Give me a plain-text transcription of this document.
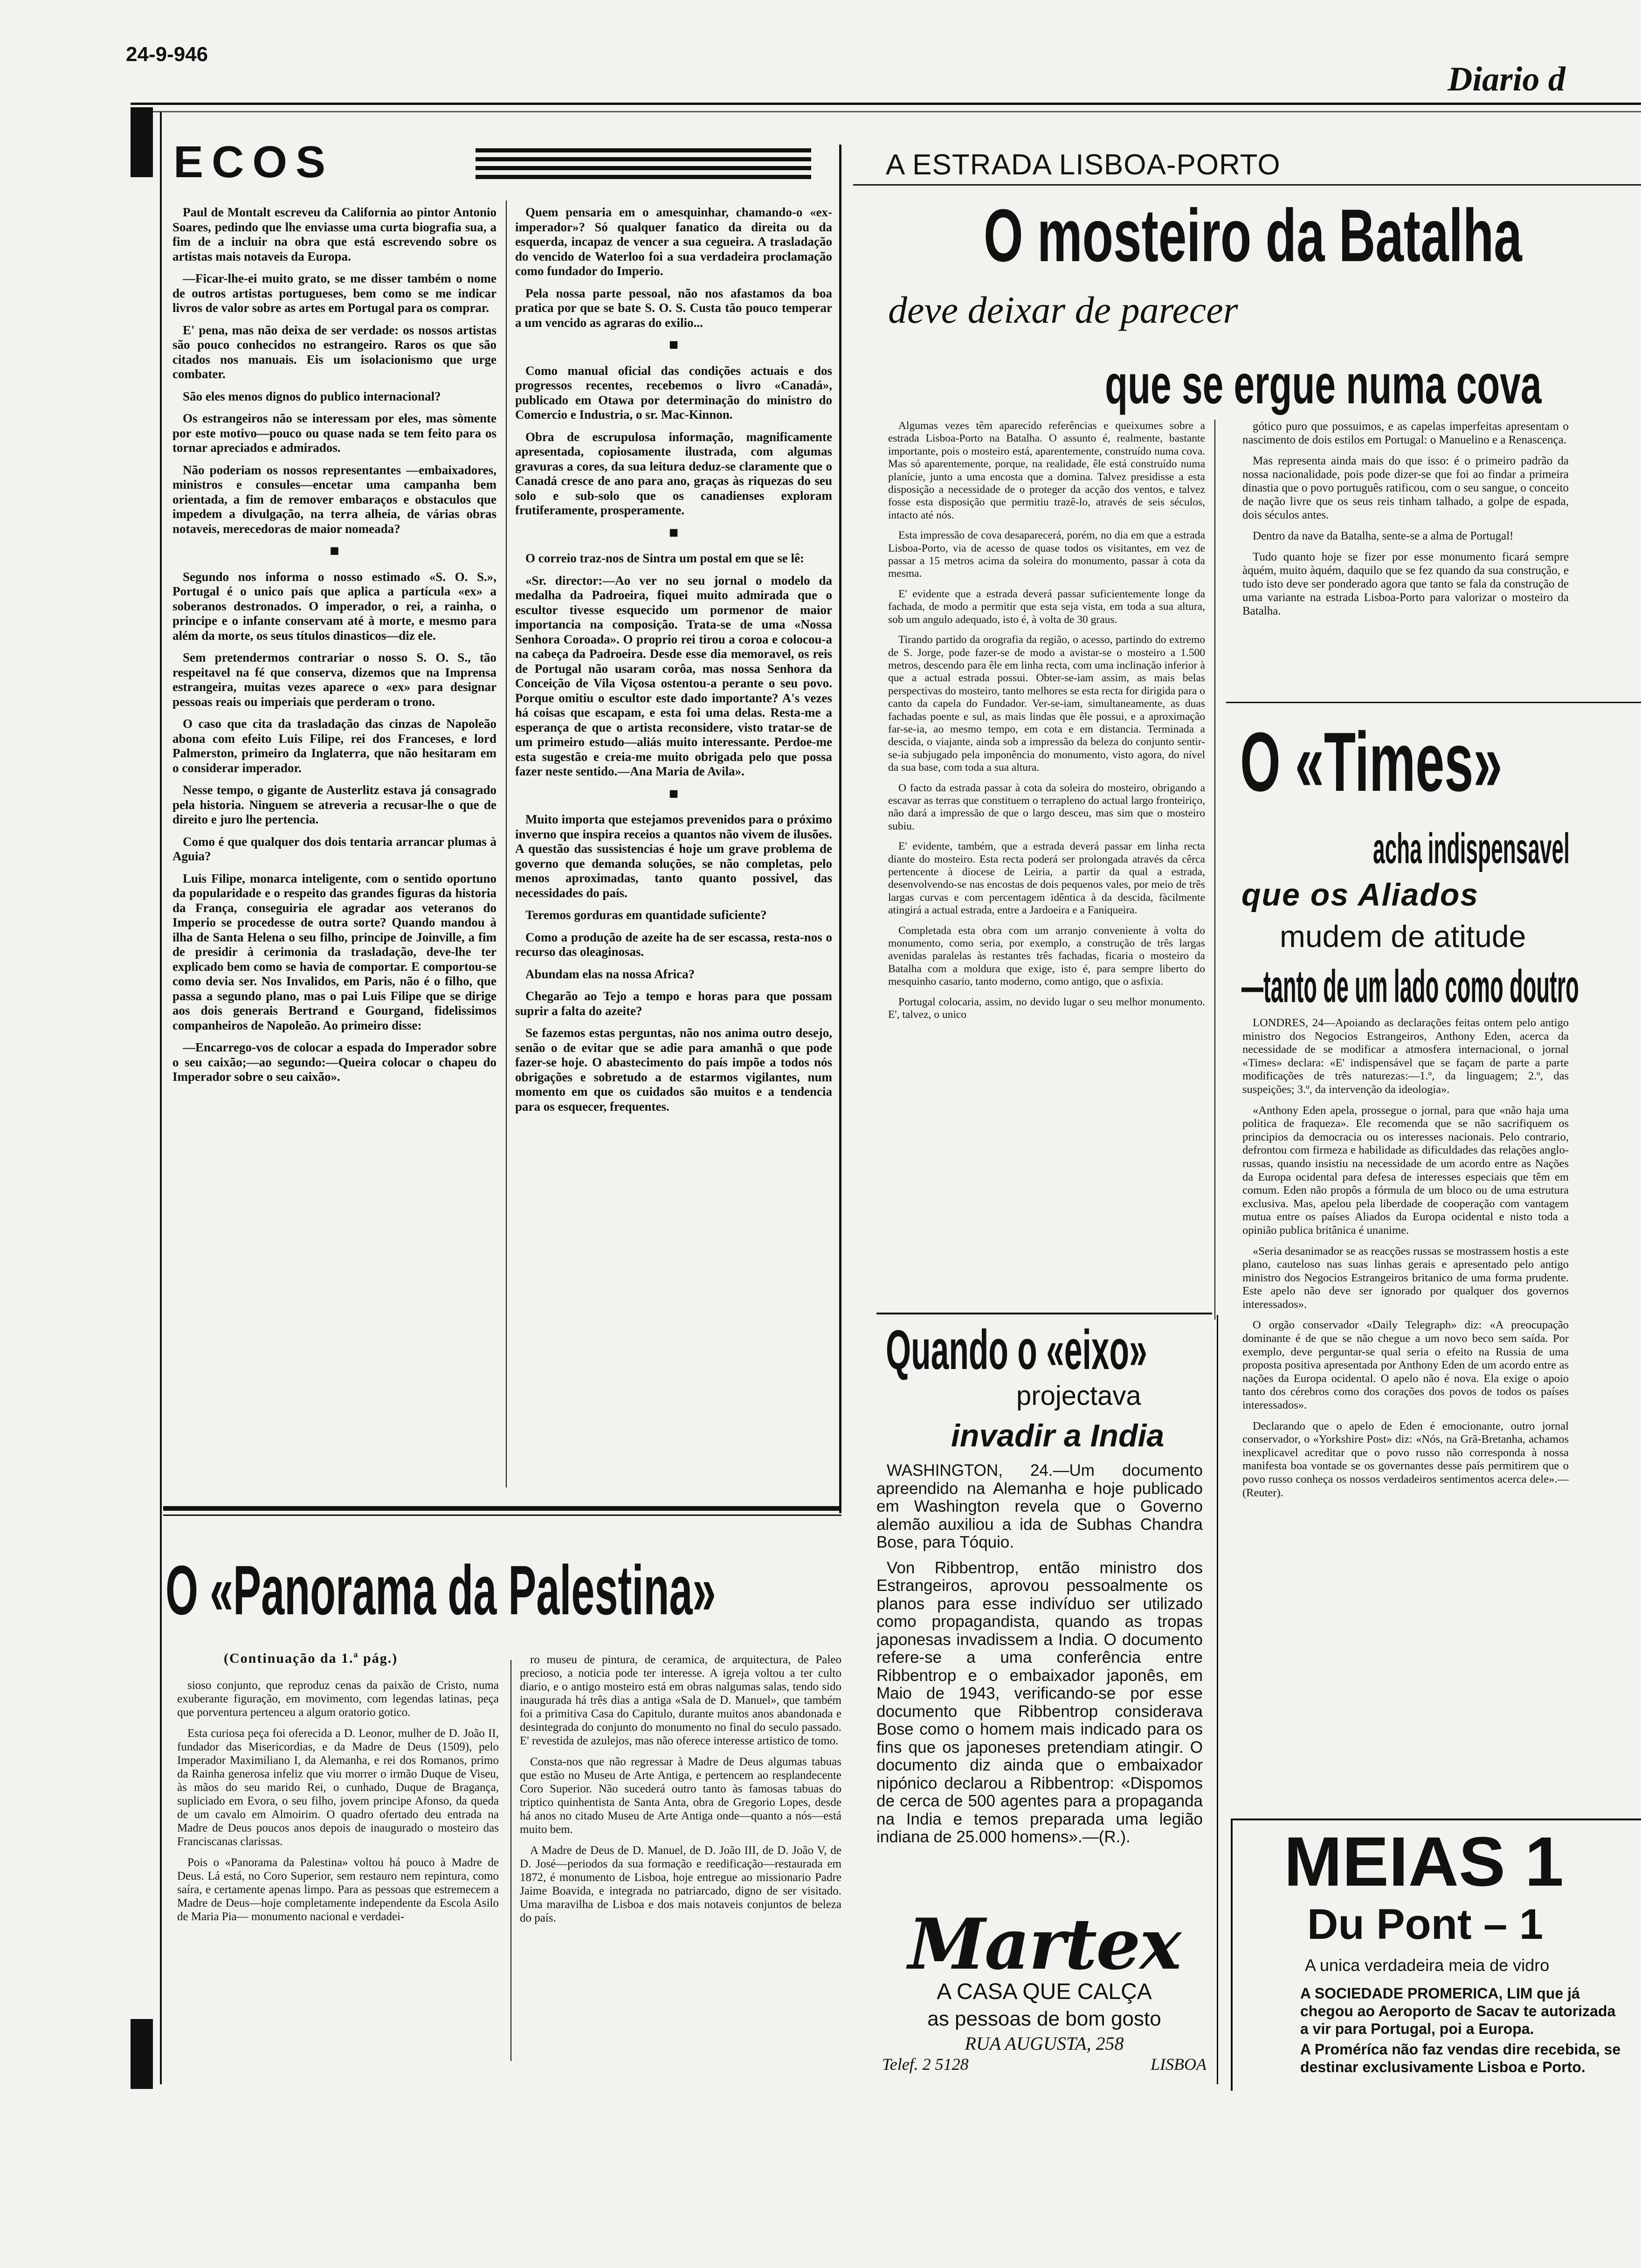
24-9-946
Diario d
ECOS

Paul de Montalt escreveu da California ao pintor Antonio Soares, pedindo que lhe enviasse uma curta biografia sua, a fim de a incluir na obra que está escrevendo sobre os artistas mais notaveis da Europa.

—Ficar-lhe-ei muito grato, se me disser também o nome de outros artistas portugueses, bem como se me indicar livros de valor sobre as artes em Portugal para os comprar.

E' pena, mas não deixa de ser verdade: os nossos artistas são pouco conhecidos no estrangeiro. Raros os que são citados nos manuais. Eis um isolacionismo que urge combater.

São eles menos dignos do publico internacional?

Os estrangeiros não se interessam por eles, mas sòmente por este motivo—pouco ou quase nada se tem feito para os tornar apreciados e admirados.

Não poderiam os nossos representantes —embaixadores, ministros e consules—encetar uma campanha bem orientada, a fim de remover embaraços e obstaculos que impedem a divulgação, na terra alheia, de várias obras notaveis, merecedoras de maior nomeada?

■

Segundo nos informa o nosso estimado «S. O. S.», Portugal é o unico país que aplica a partícula «ex» a soberanos destronados. O imperador, o rei, a rainha, o principe e o infante conservam até à morte, e mesmo para além da morte, os seus títulos dinasticos—diz ele.

Sem pretendermos contrariar o nosso S. O. S., tão respeitavel na fé que conserva, dizemos que na Imprensa estrangeira, muitas vezes aparece o «ex» para designar pessoas reais ou imperiais que perderam o trono.

O caso que cita da trasladação das cinzas de Napoleão abona com efeito Luis Filipe, rei dos Franceses, e lord Palmerston, primeiro da Inglaterra, que não hesitaram em o considerar imperador.

Nesse tempo, o gigante de Austerlitz estava já consagrado pela historia. Ninguem se atreveria a recusar-lhe o que de direito e juro lhe pertencia.

Como é que qualquer dos dois tentaria arrancar plumas à Aguia?

Luis Filipe, monarca inteligente, com o sentido oportuno da popularidade e o respeito das grandes figuras da historia da França, conseguiria ele agradar aos veteranos do Imperio se procedesse de outra sorte? Quando mandou à ilha de Santa Helena o seu filho, principe de Joinville, a fim de presidir à cerimonia da trasladação, deve-lhe ter explicado bem como se havia de comportar. E comportou-se como devia ser. Nos Invalidos, em Paris, não é o filho, que passa a segundo plano, mas o pai Luis Filipe que se dirige aos dois generais Bertrand e Gourgand, fidelissimos companheiros de Napoleão. Ao primeiro disse:

—Encarrego-vos de colocar a espada do Imperador sobre o seu caixão;—ao segundo:—Queira colocar o chapeu do Imperador sobre o seu caixão».

Quem pensaria em o amesquinhar, chamando-o «ex-imperador»? Só qualquer fanatico da direita ou da esquerda, incapaz de vencer a sua cegueira. A trasladação do vencido de Waterloo foi a sua verdadeira proclamação como fundador do Imperio.

Pela nossa parte pessoal, não nos afastamos da boa pratica por que se bate S. O. S. Custa tão pouco temperar a um vencido as agraras do exilio...

■

Como manual oficial das condições actuais e dos progressos recentes, recebemos o livro «Canadá», publicado em Otawa por determinação do ministro do Comercio e Industria, o sr. Mac-Kinnon.

Obra de escrupulosa informação, magnificamente apresentada, copiosamente ilustrada, com algumas gravuras a cores, da sua leitura deduz-se claramente que o Canadá cresce de ano para ano, graças às riquezas do seu solo e sub-solo que os canadienses exploram frutiferamente, prosperamente.

■

O correio traz-nos de Sintra um postal em que se lê:

«Sr. director:—Ao ver no seu jornal o modelo da medalha da Padroeira, fiquei muito admirada que o escultor tivesse esquecido um pormenor de maior importancia na composição. Trata-se de uma «Nossa Senhora Coroada». O proprio rei tirou a coroa e colocou-a na cabeça da Padroeira. Desde esse dia memoravel, os reis de Portugal não usaram corôa, mas nossa Senhora da Conceição de Vila Viçosa ostentou-a perante o seu povo. Porque omitiu o escultor este dado importante? A's vezes há coisas que escapam, e esta foi uma delas. Resta-me a esperança de que o artista reconsidere, visto tratar-se de um primeiro estudo—aliás muito interessante. Perdoe-me esta sugestão e creia-me muito obrigada pelo que possa fazer neste sentido.—Ana Maria de Avila».

■

Muito importa que estejamos prevenidos para o próximo inverno que inspira receios a quantos não vivem de ilusões. A questão das sussistencias é hoje um grave problema de governo que demanda soluções, se não completas, pelo menos aproximadas, tanto quanto possivel, das necessidades do país.

Teremos gorduras em quantidade suficiente?

Como a produção de azeite ha de ser escassa, resta-nos o recurso das oleaginosas.

Abundam elas na nossa Africa?

Chegarão ao Tejo a tempo e horas para que possam suprir a falta do azeite?

Se fazemos estas perguntas, não nos anima outro desejo, senão o de evitar que se adie para amanhã o que pode fazer-se hoje. O abastecimento do país impõe a todos nós obrigações e sobretudo a de estarmos vigilantes, num momento em que os cuidados são muitos e a tendencia para os esquecer, frequentes.

O «Panorama da Palestina»
(Continuação da 1.ª pág.)

sioso conjunto, que reproduz cenas da paixão de Cristo, numa exuberante figuração, em movimento, com legendas latinas, peça que porventura pertenceu a algum oratorio gotico.

Esta curiosa peça foi oferecida a D. Leonor, mulher de D. João II, fundador das Misericordias, e da Madre de Deus (1509), pelo Imperador Maximiliano I, da Alemanha, e rei dos Romanos, primo da Rainha generosa infeliz que viu morrer o irmão Duque de Viseu, às mãos do seu marido Rei, o cunhado, Duque de Bragança, supliciado em Evora, o seu filho, jovem principe Afonso, da queda de um cavalo em Almoirim. O quadro ofertado deu entrada na Madre de Deus poucos anos depois de inaugurado o mosteiro das Franciscanas clarissas.

Pois o «Panorama da Palestina» voltou há pouco à Madre de Deus. Lá está, no Coro Superior, sem restauro nem repintura, como saíra, e certamente apenas limpo. Para as pessoas que estremecem a Madre de Deus—hoje completamente independente da Escola Asilo de Maria Pia— monumento nacional e verdadei-

ro museu de pintura, de ceramica, de arquitectura, de Paleo precioso, a noticia pode ter interesse. A igreja voltou a ter culto diario, e o antigo mosteiro está em obras nalgumas salas, tendo sido inaugurada há três dias a antiga «Sala de D. Manuel», que também foi a primitiva Casa do Capitulo, durante muitos anos abandonada e desintegrada do conjunto do monumento no final do seculo passado. E' revestida de azulejos, mas não oferece interesse artistico de tomo.

Consta-nos que não regressar à Madre de Deus algumas tabuas que estão no Museu de Arte Antiga, e pertencem ao resplandecente Coro Superior. Não sucederá outro tanto às famosas tabuas do triptico quinhentista de Santa Anta, obra de Gregorio Lopes, desde há anos no citado Museu de Arte Antiga onde—quanto a nós—está muito bem.

A Madre de Deus de D. Manuel, de D. João III, de D. João V, de D. José—periodos da sua formação e reedificação—restaurada em 1872, é monumento de Lisboa, hoje entregue ao missionario Padre Jaime Boavida, e integrada no patriarcado, digno de ser visitado. Uma maravilha de Lisboa e dos mais notaveis conjuntos de beleza do país.

A ESTRADA LISBOA-PORTO
O mosteiro da Batalha
deve deixar de parecer
que se ergue numa cova

Algumas vezes têm aparecido referências e queixumes sobre a estrada Lisboa-Porto na Batalha. O assunto é, realmente, bastante importante, pois o mosteiro está, aparentemente, construído numa cova. Mas só aparentemente, porque, na realidade, êle está construído numa planície, junto a uma encosta que a domina. Talvez presidisse a esta disposição a necessidade de o proteger da acção dos ventos, e talvez fosse esta disposição que permitiu trazê-lo, através de seis séculos, intacto até nós.

Esta impressão de cova desaparecerá, porém, no dia em que a estrada Lisboa-Porto, via de acesso de quase todos os visitantes, em vez de passar a 15 metros acima da soleira do monumento, passar à cota da mesma.

E' evidente que a estrada deverá passar suficientemente longe da fachada, de modo a permitir que esta seja vista, em toda a sua altura, sob um angulo adequado, isto é, à volta de 30 graus.

Tirando partido da orografia da região, o acesso, partindo do extremo de S. Jorge, pode fazer-se de modo a avistar-se o mosteiro a 1.500 metros, descendo para êle em linha recta, com uma inclinação inferior à que a actual estrada possui. Obter-se-iam assim, as mais belas perspectivas do mosteiro, tanto melhores se esta recta for dirigida para o canto da capela do Fundador. Ver-se-iam, simultaneamente, as duas fachadas poente e sul, as mais lindas que êle possui, e a aproximação far-se-ia, ao mesmo tempo, em cota e em distancia. Terminada a descida, o viajante, ainda sob a impressão da beleza do conjunto sentir-se-ia subjugado pela imponência do monumento, visto agora, do nível da sua base, com toda a sua altura.

O facto da estrada passar à cota da soleira do mosteiro, obrigando a escavar as terras que constituem o terrapleno do actual largo fronteiriço, não dará a impressão de que o largo desceu, mas sim que o mosteiro subiu.

E' evidente, também, que a estrada deverá passar em linha recta diante do mosteiro. Esta recta poderá ser prolongada através da cêrca pertencente à diocese de Leiria, a partir da qual a estrada, desenvolvendo-se nas encostas de dois pequenos vales, por meio de três largas curvas e com percentagem idêntica à da descida, fàcilmente atingirá a actual estrada, entre a Jardoeira e a Faniqueira.

Completada esta obra com um arranjo conveniente à volta do monumento, como seria, por exemplo, a construção de três largas avenidas paralelas às restantes três fachadas, ficaria o mosteiro da Batalha com a moldura que exige, isto é, para sempre liberto do mesquinho casario, tanto moderno, como antigo, que o asfixia.

Portugal colocaria, assim, no devido lugar o seu melhor monumento. E', talvez, o unico

gótico puro que possuimos, e as capelas imperfeitas apresentam o nascimento de dois estilos em Portugal: o Manuelino e a Renascença.

Mas representa ainda mais do que isso: é o primeiro padrão da nossa nacionalidade, pois pode dizer-se que foi ao findar a primeira dinastia que o povo português ratificou, com o seu sangue, o conceito de nação livre que os seus reis tinham talhado, a golpe de espada, dois séculos antes.

Dentro da nave da Batalha, sente-se a alma de Portugal!

Tudo quanto hoje se fizer por esse monumento ficará sempre àquém, muito àquém, daquilo que se fez quando da sua construção, e tudo isto deve ser ponderado agora que tanto se fala da construção de uma variante na estrada Lisboa-Porto para valorizar o mosteiro da Batalha.

O «Times»
acha indispensavel
que os Aliados
mudem de atitude
—tanto de um lado como doutro

LONDRES, 24—Apoiando as declarações feitas ontem pelo antigo ministro dos Negocios Estrangeiros, Anthony Eden, acerca da necessidade de se modificar a atmosfera internacional, o jornal «Times» declara: «E' indispensável que se façam de parte a parte modificações de três naturezas:—1.º, da linguagem; 2.º, das suspeições; 3.º, da intervenção da ideologia».

«Anthony Eden apela, prossegue o jornal, para que «não haja uma politica de fraqueza». Ele recomenda que se não sacrifiquem os principios da democracia ou os interesses nacionais. Pelo contrario, defrontou com firmeza e habilidade as dificuldades das relações anglo-russas, quando insistiu na necessidade de um acordo entre as Nações da Europa ocidental para defesa de interesses especiais que têm em comum. Eden não propôs a fórmula de um bloco ou de uma estrutura exclusiva. Mas, apelou pela liberdade de cooperação com vantagem mutua entre os países Aliados da Europa ocidental e nisto toda a opinião publica britânica é unanime.

«Seria desanimador se as reacções russas se mostrassem hostis a este plano, cauteloso nas suas linhas gerais e apresentado pelo antigo ministro dos Negocios Estrangeiros britanico de uma forma prudente. Este apelo não deve ser ignorado por qualquer dos governos interessados».

O orgão conservador «Daily Telegraph» diz: «A preocupação dominante é de que se não chegue a um novo beco sem saída. Por exemplo, deve perguntar-se qual seria o efeito na Russia de uma proposta positiva apresentada por Anthony Eden de um acordo entre as nações da Europa ocidental. O apelo não é nova. Ela exige o apoio tanto dos cérebros como dos corações dos povos de todos os países interessados».

Declarando que o apelo de Eden é emocionante, outro jornal conservador, o «Yorkshire Post» diz: «Nós, na Grã-Bretanha, achamos inexplicavel acreditar que o povo russo não corresponda à nossa manifesta boa vontade se os governantes desse país permitirem que o povo russo conheça os nossos verdadeiros sentimentos acerca dele».—(Reuter).

Quando o «eixo»
projectava
invadir a India

WASHINGTON, 24.—Um documento apreendido na Alemanha e hoje publicado em Washington revela que o Governo alemão auxiliou a ida de Subhas Chandra Bose, para Tóquio.

Von Ribbentrop, então ministro dos Estrangeiros, aprovou pessoalmente os planos para esse indivíduo ser utilizado como propagandista, quando as tropas japonesas invadissem a India. O documento refere-se a uma conferência entre Ribbentrop e o embaixador japonês, em Maio de 1943, verificando-se por esse documento que Ribbentrop considerava Bose como o homem mais indicado para os fins que os japoneses pretendiam atingir. O documento diz ainda que o embaixador nipónico declarou a Ribbentrop: «Dispomos de cerca de 500 agentes para a propaganda na India e temos preparada uma legião indiana de 25.000 homens».—(R.).

Martex
A CASA QUE CALÇA
as pessoas de bom gosto
RUA AUGUSTA, 258
Telef. 2 5128	LISBOA
MEIAS 1
Du Pont – 1
A unica verdadeira meia de vidro
A SOCIEDADE PROMERICA, LIM que já chegou ao Aeroporto de Sacav te autorizada a vir para Portugal, poi a Europa.
A Proméríca não faz vendas dire recebida, se destinar exclusivamente Lisboa e Porto.
